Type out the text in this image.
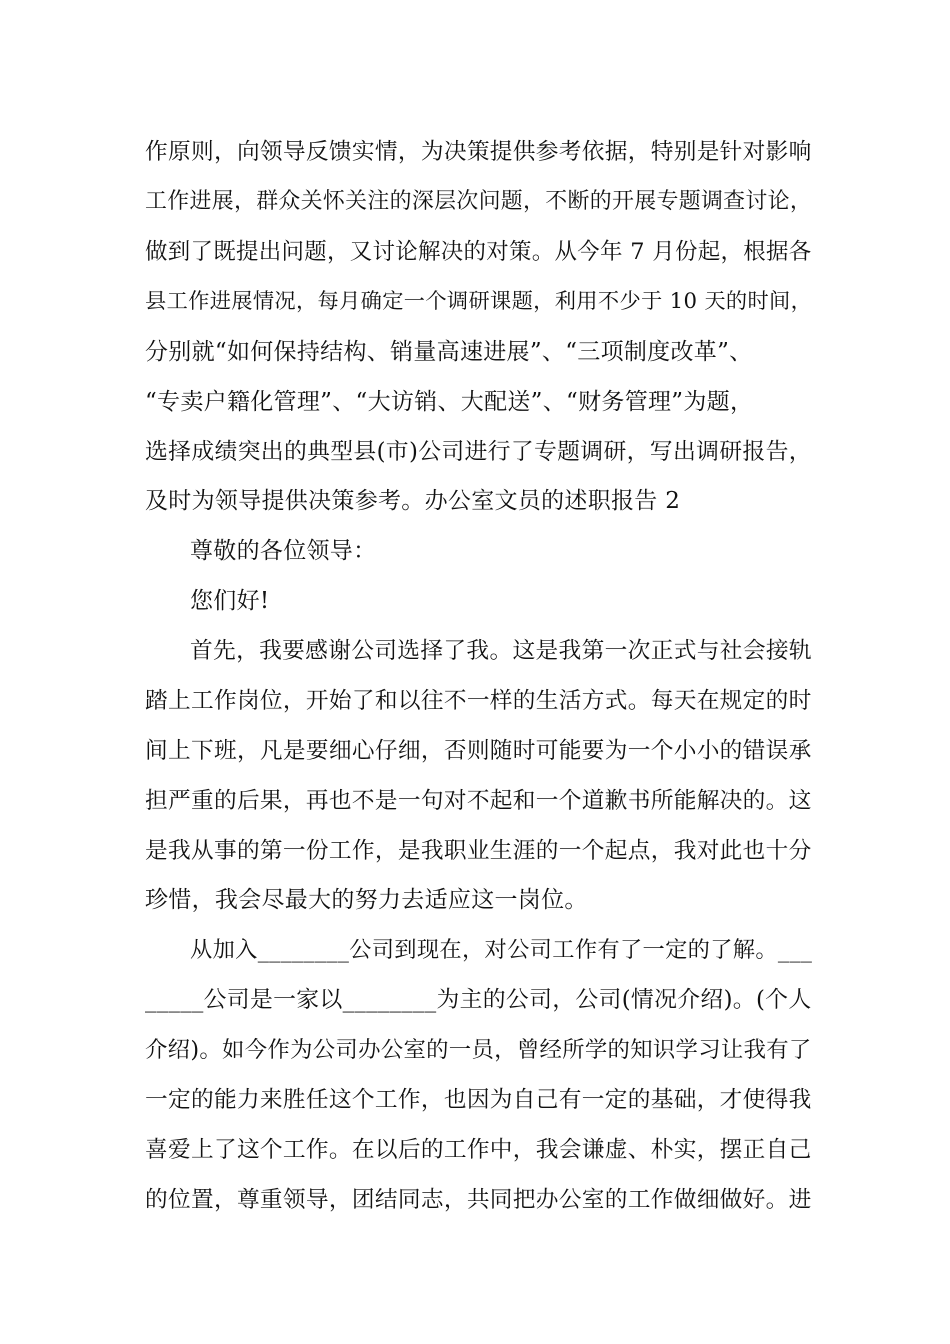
作原则，向领导反馈实情，为决策提供参考依据，特别是针对影响
工作进展，群众关怀关注的深层次问题，不断的开展专题调查讨论，
做到了既提出问题，又讨论解决的对策。从今年 7 月份起，根据各
县工作进展情况，每月确定一个调研课题，利用不少于 10 天的时间，
分别就“如何保持结构、销量高速进展”、“三项制度改革”、
“专卖户籍化管理”、“大访销、大配送”、“财务管理”为题，
选择成绩突出的典型县(市)公司进行了专题调研，写出调研报告，
及时为领导提供决策参考。办公室文员的述职报告 2
尊敬的各位领导：
您们好!
首先，我要感谢公司选择了我。这是我第一次正式与社会接轨
踏上工作岗位，开始了和以往不一样的生活方式。每天在规定的时
间上下班，凡是要细心仔细，否则随时可能要为一个小小的错误承
担严重的后果，再也不是一句对不起和一个道歉书所能解决的。这
是我从事的第一份工作，是我职业生涯的一个起点，我对此也十分
珍惜，我会尽最大的努力去适应这一岗位。
从加入________公司到现在，对公司工作有了一定的了解。___
_____公司是一家以________为主的公司，公司(情况介绍)。(个人
介绍)。如今作为公司办公室的一员，曾经所学的知识学习让我有了
一定的能力来胜任这个工作，也因为自己有一定的基础，才使得我
喜爱上了这个工作。在以后的工作中，我会谦虚、朴实，摆正自己
的位置，尊重领导，团结同志，共同把办公室的工作做细做好。进
